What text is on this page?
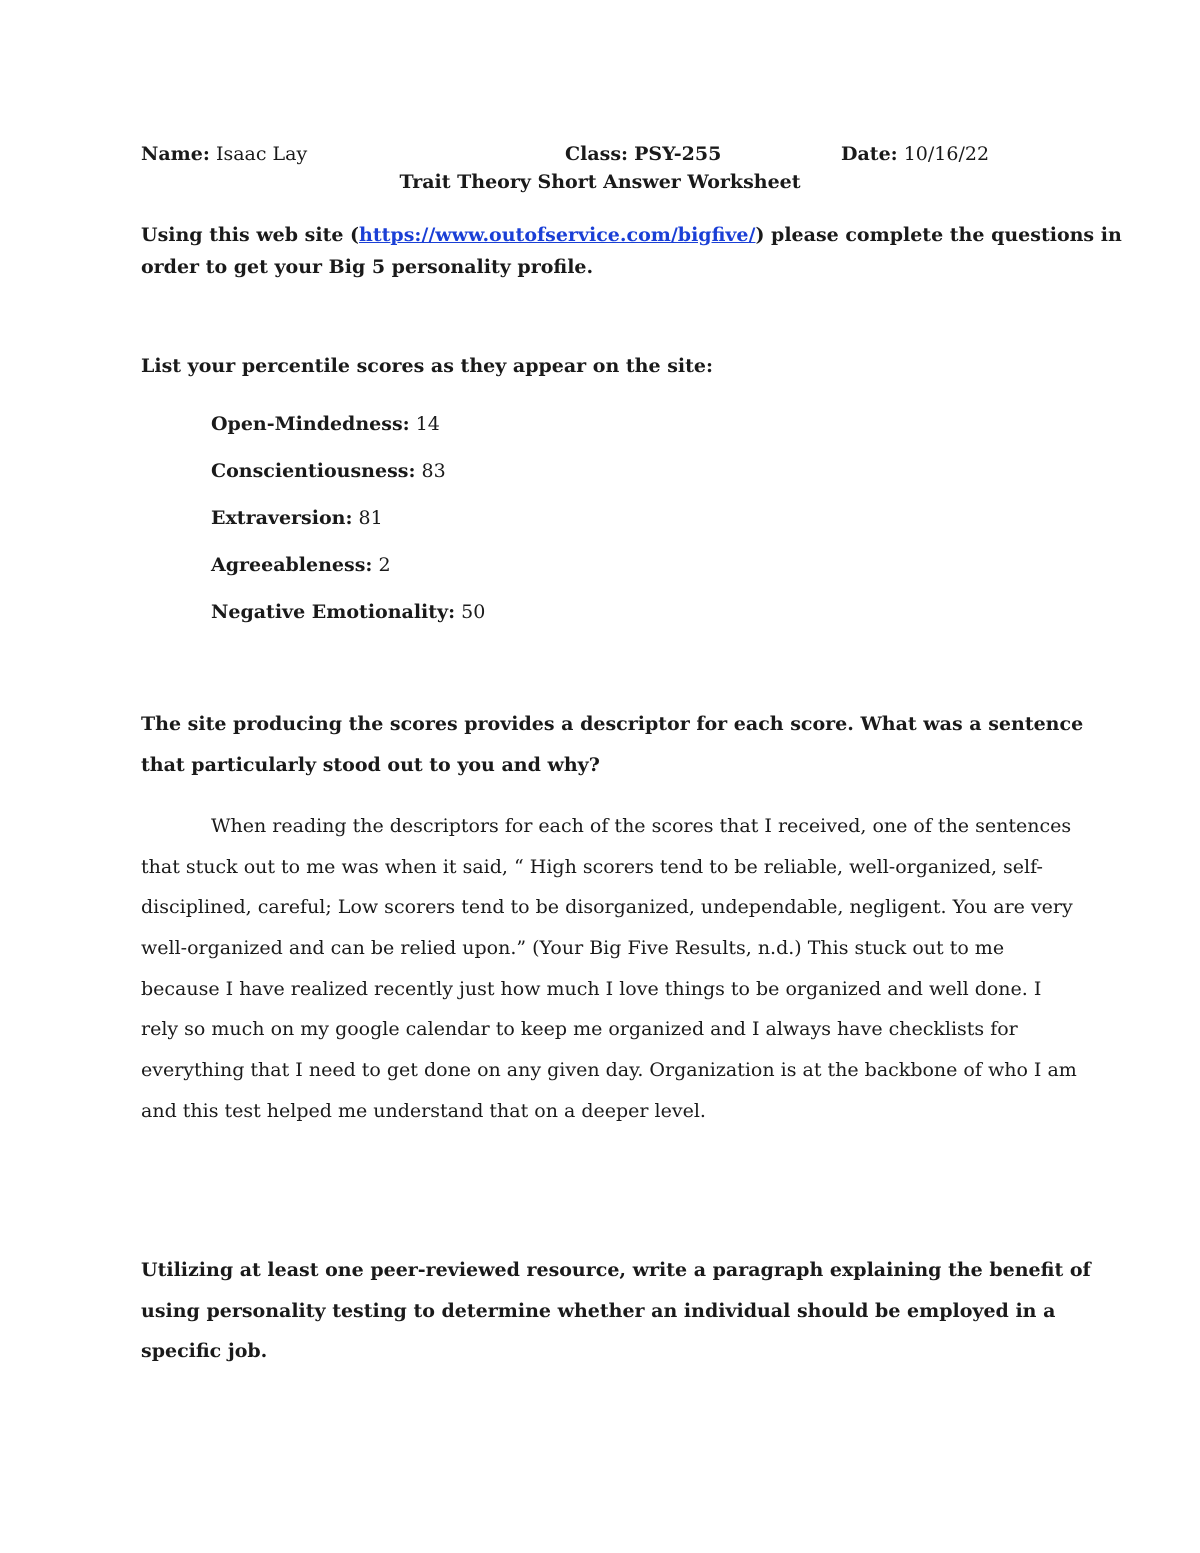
Name: Isaac Lay	Class: PSY-255	Date: 10/16/22
Trait Theory Short Answer Worksheet
Using this web site (https://www.outofservice.com/bigfive/) please complete the questions in
order to get your Big 5 personality profile.
List your percentile scores as they appear on the site:
Open-Mindedness: 14
Conscientiousness: 83
Extraversion: 81
Agreeableness: 2
Negative Emotionality: 50
The site producing the scores provides a descriptor for each score. What was a sentence
that particularly stood out to you and why?
When reading the descriptors for each of the scores that I received, one of the sentences
that stuck out to me was when it said, “ High scorers tend to be reliable, well-organized, self-
disciplined, careful; Low scorers tend to be disorganized, undependable, negligent. You are very
well-organized and can be relied upon.” (Your Big Five Results, n.d.) This stuck out to me
because I have realized recently just how much I love things to be organized and well done. I
rely so much on my google calendar to keep me organized and I always have checklists for
everything that I need to get done on any given day. Organization is at the backbone of who I am
and this test helped me understand that on a deeper level.
Utilizing at least one peer-reviewed resource, write a paragraph explaining the benefit of
using personality testing to determine whether an individual should be employed in a
specific job.
